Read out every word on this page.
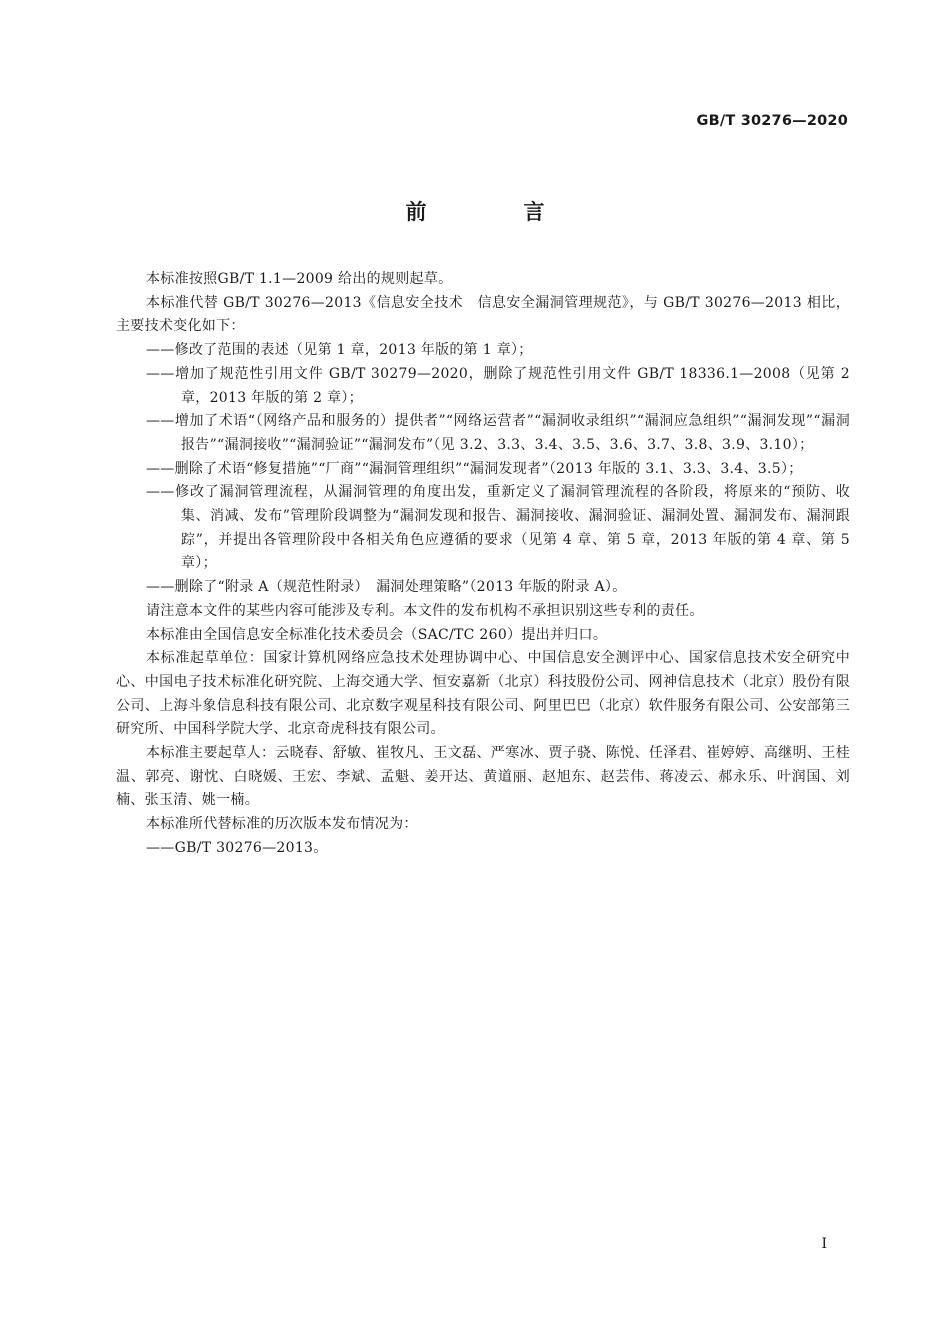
GB/T 30276—2020
前　言

本标准按照GB/T 1.1—2009 给出的规则起草。

本标准代替 GB/T 30276—2013《信息安全技术　信息安全漏洞管理规范》，与 GB/T 30276—2013 相比，主要技术变化如下：

——修改了范围的表述（见第 1 章，2013 年版的第 1 章）；

——增加了规范性引用文件 GB/T 30279—2020，删除了规范性引用文件 GB/T 18336.1—2008（见第 2 章，2013 年版的第 2 章）；

——增加了术语“（网络产品和服务的）提供者”“网络运营者”“漏洞收录组织”“漏洞应急组织”“漏洞发现”“漏洞报告”“漏洞接收”“漏洞验证”“漏洞发布”（见 3.2、3.3、3.4、3.5、3.6、3.7、3.8、3.9、3.10）；

——删除了术语“修复措施”“厂商”“漏洞管理组织”“漏洞发现者”（2013 年版的 3.1、3.3、3.4、3.5）；

——修改了漏洞管理流程，从漏洞管理的角度出发，重新定义了漏洞管理流程的各阶段，将原来的“预防、收集、消减、发布”管理阶段调整为“漏洞发现和报告、漏洞接收、漏洞验证、漏洞处置、漏洞发布、漏洞跟踪”，并提出各管理阶段中各相关角色应遵循的要求（见第 4 章、第 5 章，2013 年版的第 4 章、第 5 章）；

——删除了“附录 A（规范性附录）　漏洞处理策略”（2013 年版的附录 A）。

请注意本文件的某些内容可能涉及专利。本文件的发布机构不承担识别这些专利的责任。

本标准由全国信息安全标准化技术委员会（SAC/TC 260）提出并归口。

本标准起草单位：国家计算机网络应急技术处理协调中心、中国信息安全测评中心、国家信息技术安全研究中心、中国电子技术标准化研究院、上海交通大学、恒安嘉新（北京）科技股份公司、网神信息技术（北京）股份有限公司、上海斗象信息科技有限公司、北京数字观星科技有限公司、阿里巴巴（北京）软件服务有限公司、公安部第三研究所、中国科学院大学、北京奇虎科技有限公司。

本标准主要起草人：云晓春、舒敏、崔牧凡、王文磊、严寒冰、贾子骁、陈悦、任泽君、崔婷婷、高继明、王桂温、郭亮、谢忱、白晓媛、王宏、李斌、孟魁、姜开达、黄道丽、赵旭东、赵芸伟、蒋凌云、郝永乐、叶润国、刘楠、张玉清、姚一楠。

本标准所代替标准的历次版本发布情况为：

——GB/T 30276—2013。

I
